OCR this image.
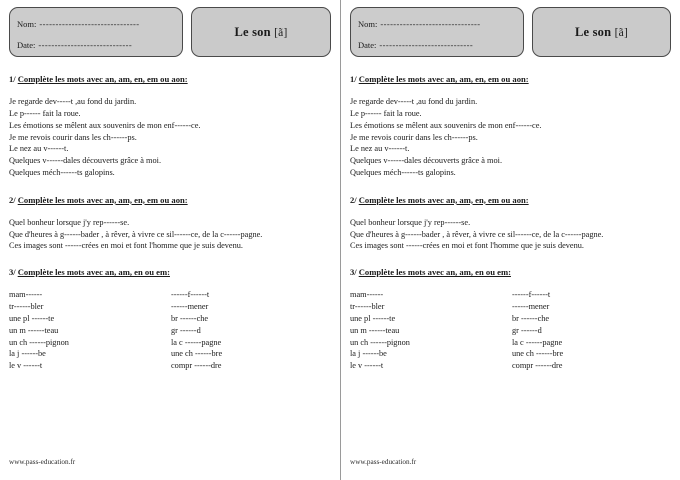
Nom: -------------------------------
Date: -----------------------------
Le son [ã]
1/ Complète les mots avec an, am, en, em ou aon:
Je regarde dev-----t ,au fond du jardin.
Le p------ fait la roue.
Les émotions se mêlent aux souvenirs de mon enf------ce.
Je me revois courir dans les ch------ps.
Le nez au v------t.
Quelques v------dales découverts grâce à moi.
Quelques méch------ts galopins.
2/ Complète les mots avec an, am, en, em ou aon:
Quel bonheur lorsque j'y rep------se.
Que d'heures à g------bader , à rêver, à vivre ce sil------ce, de la c------pagne.
Ces images sont ------crées en moi et font l'homme que je suis devenu.
3/ Complète les mots avec an, am, en ou em:
mam------
tr------bler
une pl ------te
un m ------teau
un ch ------pignon
la j ------be
le v ------t
------f------t
------mener
br ------che
gr ------d
la c ------pagne
une ch ------bre
compr ------dre
www.pass-education.fr
Nom: -------------------------------
Date: -----------------------------
Le son [ã]
1/ Complète les mots avec an, am, en, em ou aon:
Je regarde dev-----t ,au fond du jardin.
Le p------ fait la roue.
Les émotions se mêlent aux souvenirs de mon enf------ce.
Je me revois courir dans les ch------ps.
Le nez au v------t.
Quelques v------dales découverts grâce à moi.
Quelques méch------ts galopins.
2/ Complète les mots avec an, am, en, em ou aon:
Quel bonheur lorsque j'y rep------se.
Que d'heures à g------bader , à rêver, à vivre ce sil------ce, de la c------pagne.
Ces images sont ------crées en moi et font l'homme que je suis devenu.
3/ Complète les mots avec an, am, en ou em:
mam------
tr------bler
une pl ------te
un m ------teau
un ch ------pignon
la j ------be
le v ------t
------f------t
------mener
br ------che
gr ------d
la c ------pagne
une ch ------bre
compr ------dre
www.pass-education.fr
